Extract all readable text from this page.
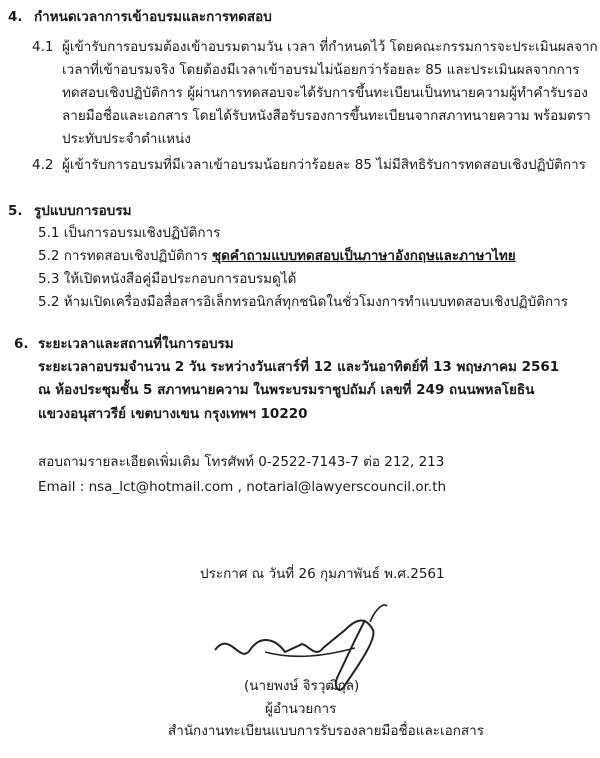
4. กำหนดเวลาการเข้าอบรมและการทดสอบ
4.1 ผู้เข้ารับการอบรมต้องเข้าอบรมตามวัน เวลา ที่กำหนดไว้ โดยคณะกรรมการจะประเมินผลจาก
เวลาที่เข้าอบรมจริง โดยต้องมีเวลาเข้าอบรมไม่น้อยกว่าร้อยละ 85 และประเมินผลจากการ
ทดสอบเชิงปฏิบัติการ ผู้ผ่านการทดสอบจะได้รับการขึ้นทะเบียนเป็นทนายความผู้ทำคำรับรอง
ลายมือชื่อและเอกสาร โดยได้รับหนังสือรับรองการขึ้นทะเบียนจากสภาทนายความ พร้อมตรา
ประทับประจำตำแหน่ง
4.2 ผู้เข้ารับการอบรมที่มีเวลาเข้าอบรมน้อยกว่าร้อยละ 85 ไม่มีสิทธิรับการทดสอบเชิงปฏิบัติการ
5. รูปแบบการอบรม
5.1 เป็นการอบรมเชิงปฏิบัติการ
5.2 การทดสอบเชิงปฏิบัติการ ชุดคำถามแบบทดสอบเป็นภาษาอังกฤษและภาษาไทย
5.3 ให้เปิดหนังสือคู่มือประกอบการอบรมดูได้
5.2 ห้ามเปิดเครื่องมือสื่อสารอิเล็กทรอนิกส์ทุกชนิดในชั่วโมงการทำแบบทดสอบเชิงปฏิบัติการ
6. ระยะเวลาและสถานที่ในการอบรม
ระยะเวลาอบรมจำนวน 2 วัน ระหว่างวันเสาร์ที่ 12 และวันอาทิตย์ที่ 13 พฤษภาคม 2561
ณ ห้องประชุมชั้น 5 สภาทนายความ ในพระบรมราชูปถัมภ์ เลขที่ 249 ถนนพหลโยธิน
แขวงอนุสาวรีย์ เขตบางเขน กรุงเทพฯ 10220
สอบถามรายละเอียดเพิ่มเติม โทรศัพท์ 0-2522-7143-7 ต่อ 212, 213
Email : nsa_lct@hotmail.com , notarial@lawyerscouncil.or.th
ประกาศ ณ วันที่ 26 กุมภาพันธ์ พ.ศ.2561
(นายพงษ์ จิรวุฒิกุล)
ผู้อำนวยการ
สำนักงานทะเบียนแบบการรับรองลายมือชื่อและเอกสาร
